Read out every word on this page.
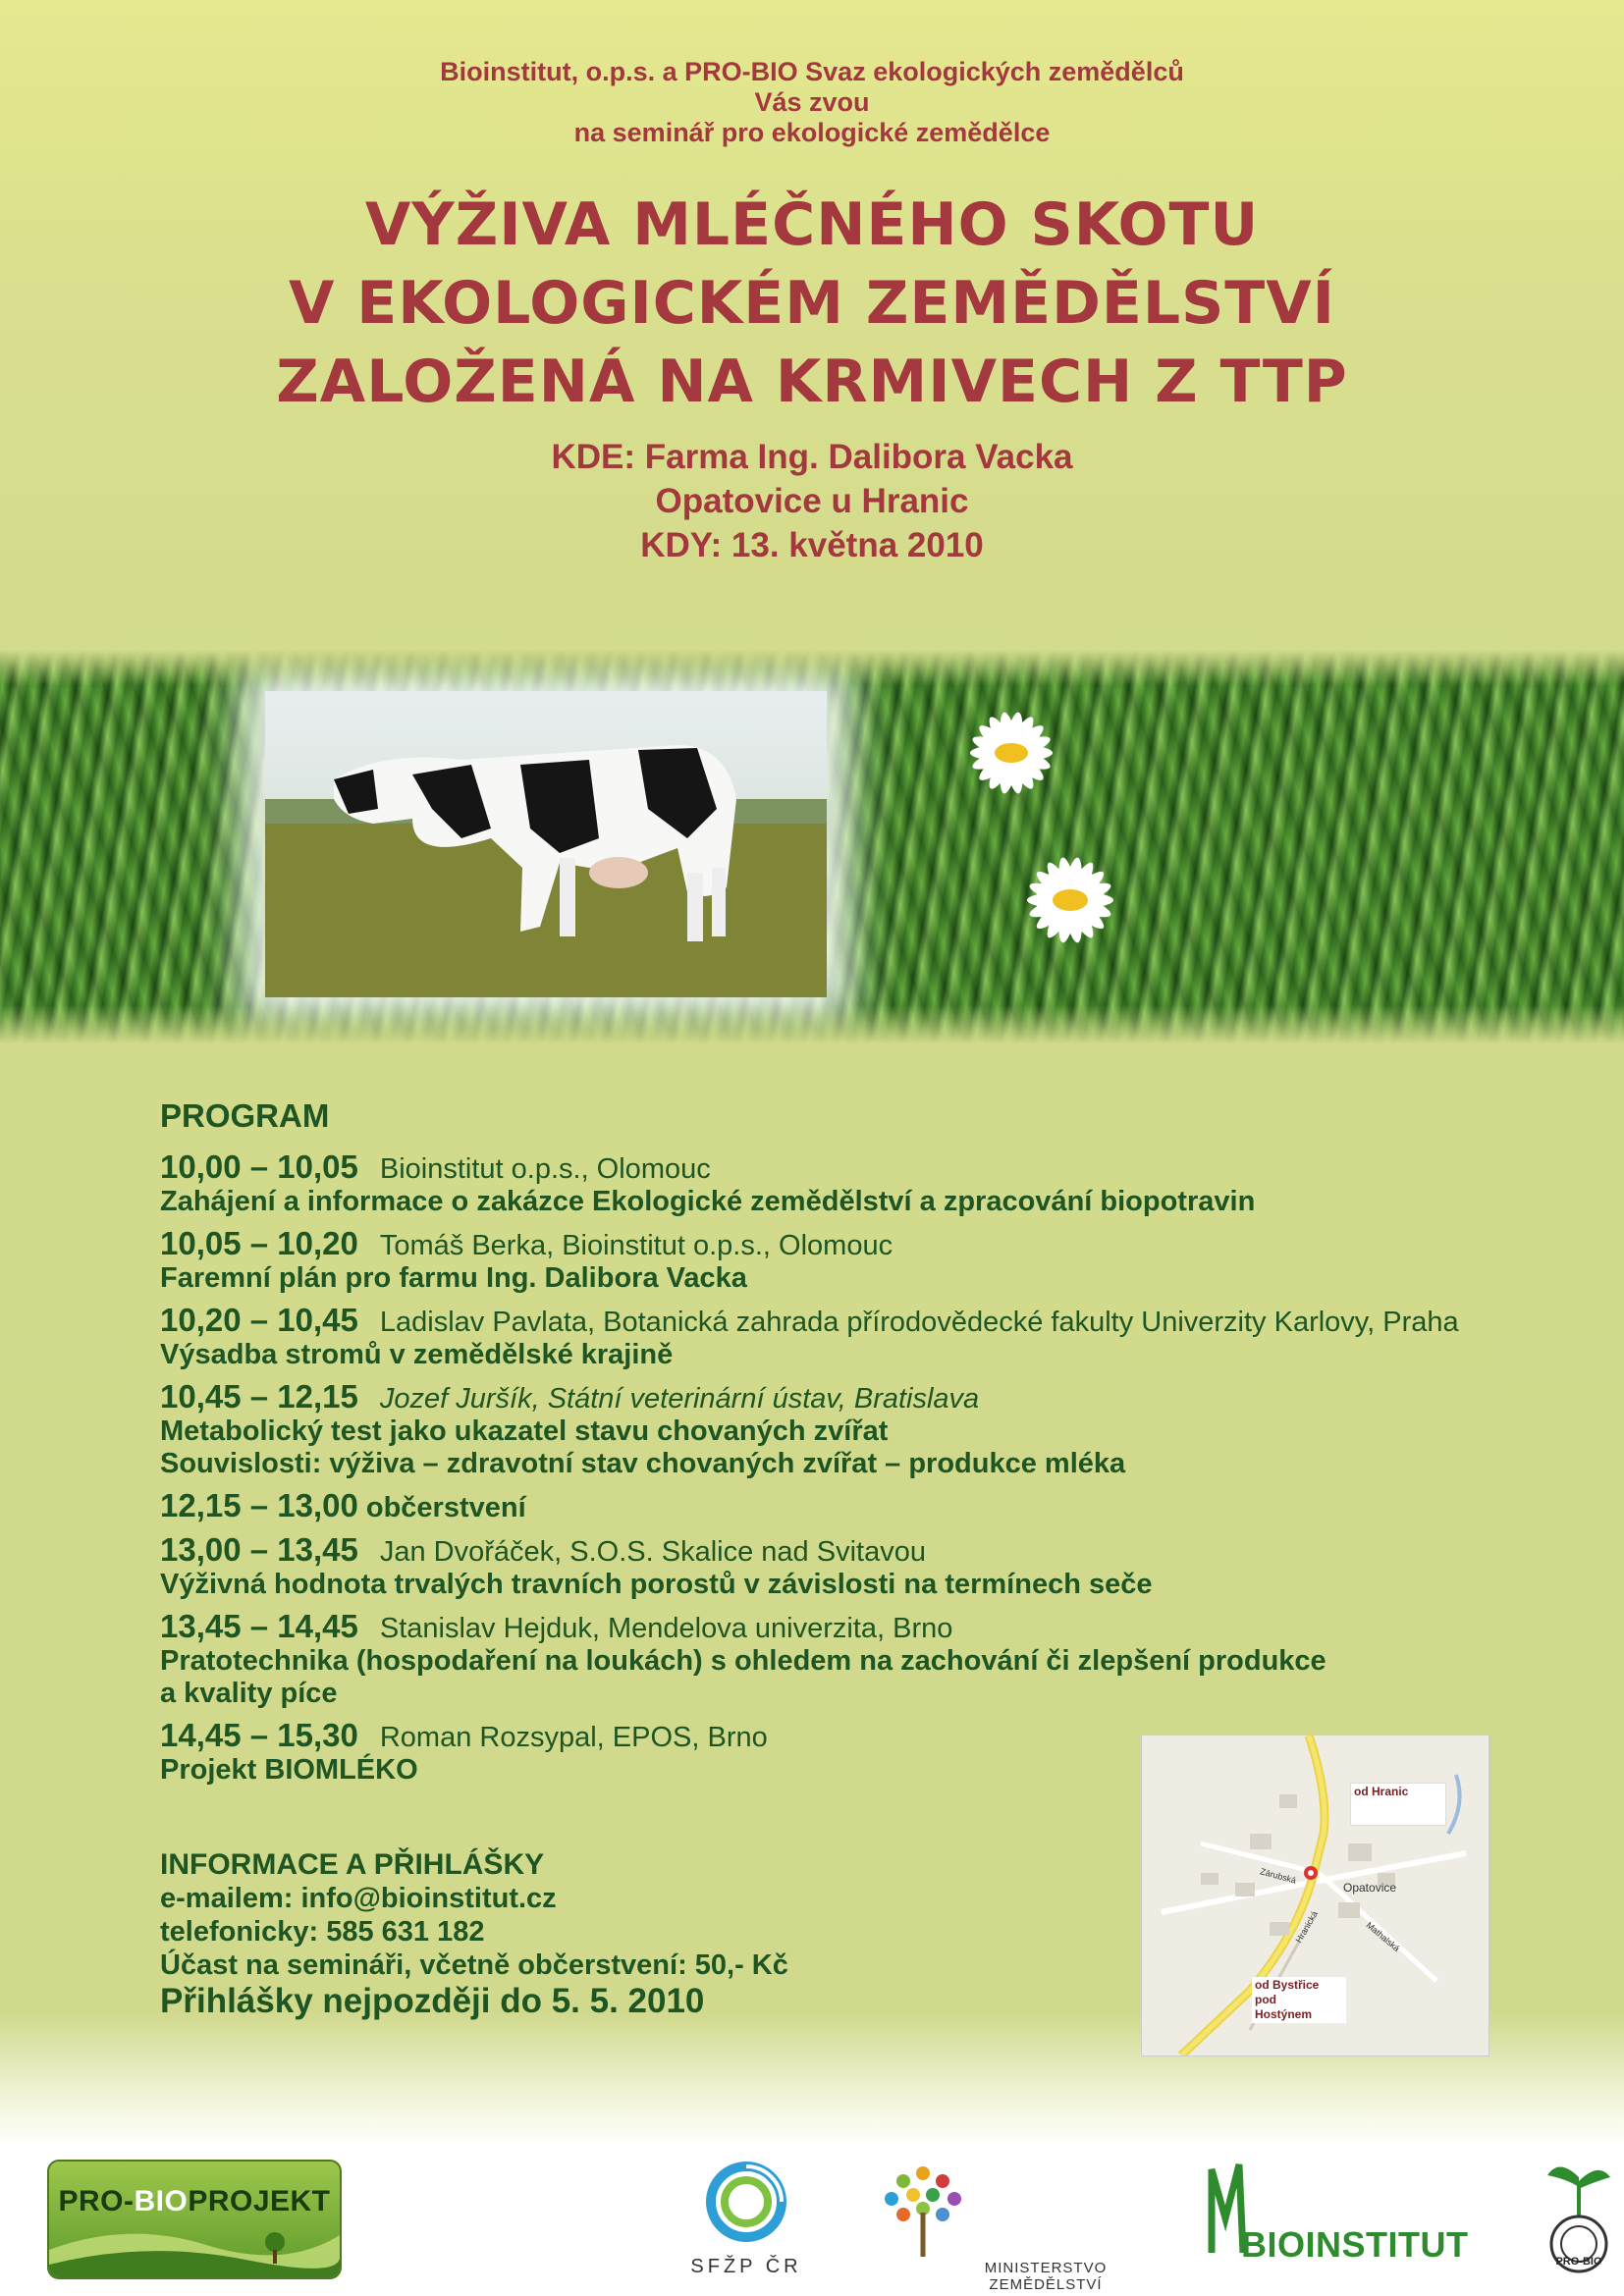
Bioinstitut, o.p.s. a PRO-BIO Svaz ekologických zemědělců
Vás zvou
na seminář pro ekologické zemědělce
VÝŽIVA MLÉČNÉHO SKOTU
V EKOLOGICKÉM ZEMĚDĚLSTVÍ
ZALOŽENÁ NA KRMIVECH Z TTP
KDE: Farma Ing. Dalibora Vacka
Opatovice u Hranic
KDY: 13. května 2010
PROGRAM
10,00 – 10,05 Bioinstitut o.p.s., Olomouc
Zahájení a informace o zakázce Ekologické zemědělství a zpracování biopotravin
10,05 – 10,20 Tomáš Berka, Bioinstitut o.p.s., Olomouc
Faremní plán pro farmu Ing. Dalibora Vacka
10,20 – 10,45 Ladislav Pavlata, Botanická zahrada přírodovědecké fakulty Univerzity Karlovy, Praha
Výsadba stromů v zemědělské krajině
10,45 – 12,15 Jozef Juršík, Státní veterinární ústav, Bratislava
Metabolický test jako ukazatel stavu chovaných zvířat
Souvislosti: výživa – zdravotní stav chovaných zvířat – produkce mléka
12,15 – 13,00 občerstvení
13,00 – 13,45 Jan Dvořáček, S.O.S. Skalice nad Svitavou
Výživná hodnota trvalých travních porostů v závislosti na termínech seče
13,45 – 14,45 Stanislav Hejduk, Mendelova univerzita, Brno
Pratotechnika (hospodaření na loukách) s ohledem na zachování či zlepšení produkce
a kvality píce
14,45 – 15,30 Roman Rozsypal, EPOS, Brno
Projekt BIOMLÉKO
od Hranic
Opatovice
od Bystřice
pod
Hostýnem
Zárubská
Hranická	Mathalská
INFORMACE A PŘIHLÁŠKY
e-mailem: info@bioinstitut.cz
telefonicky: 585 631 182
Účast na semináři, včetně občerstvení: 50,- Kč
Přihlášky nejpozději do 5. 5. 2010
PRO-BIOPROJEKT
SFŽP ČR	MINISTERSTVO ZEMĚDĚLSTVÍ
BIOINSTITUT	PRO-BIO
